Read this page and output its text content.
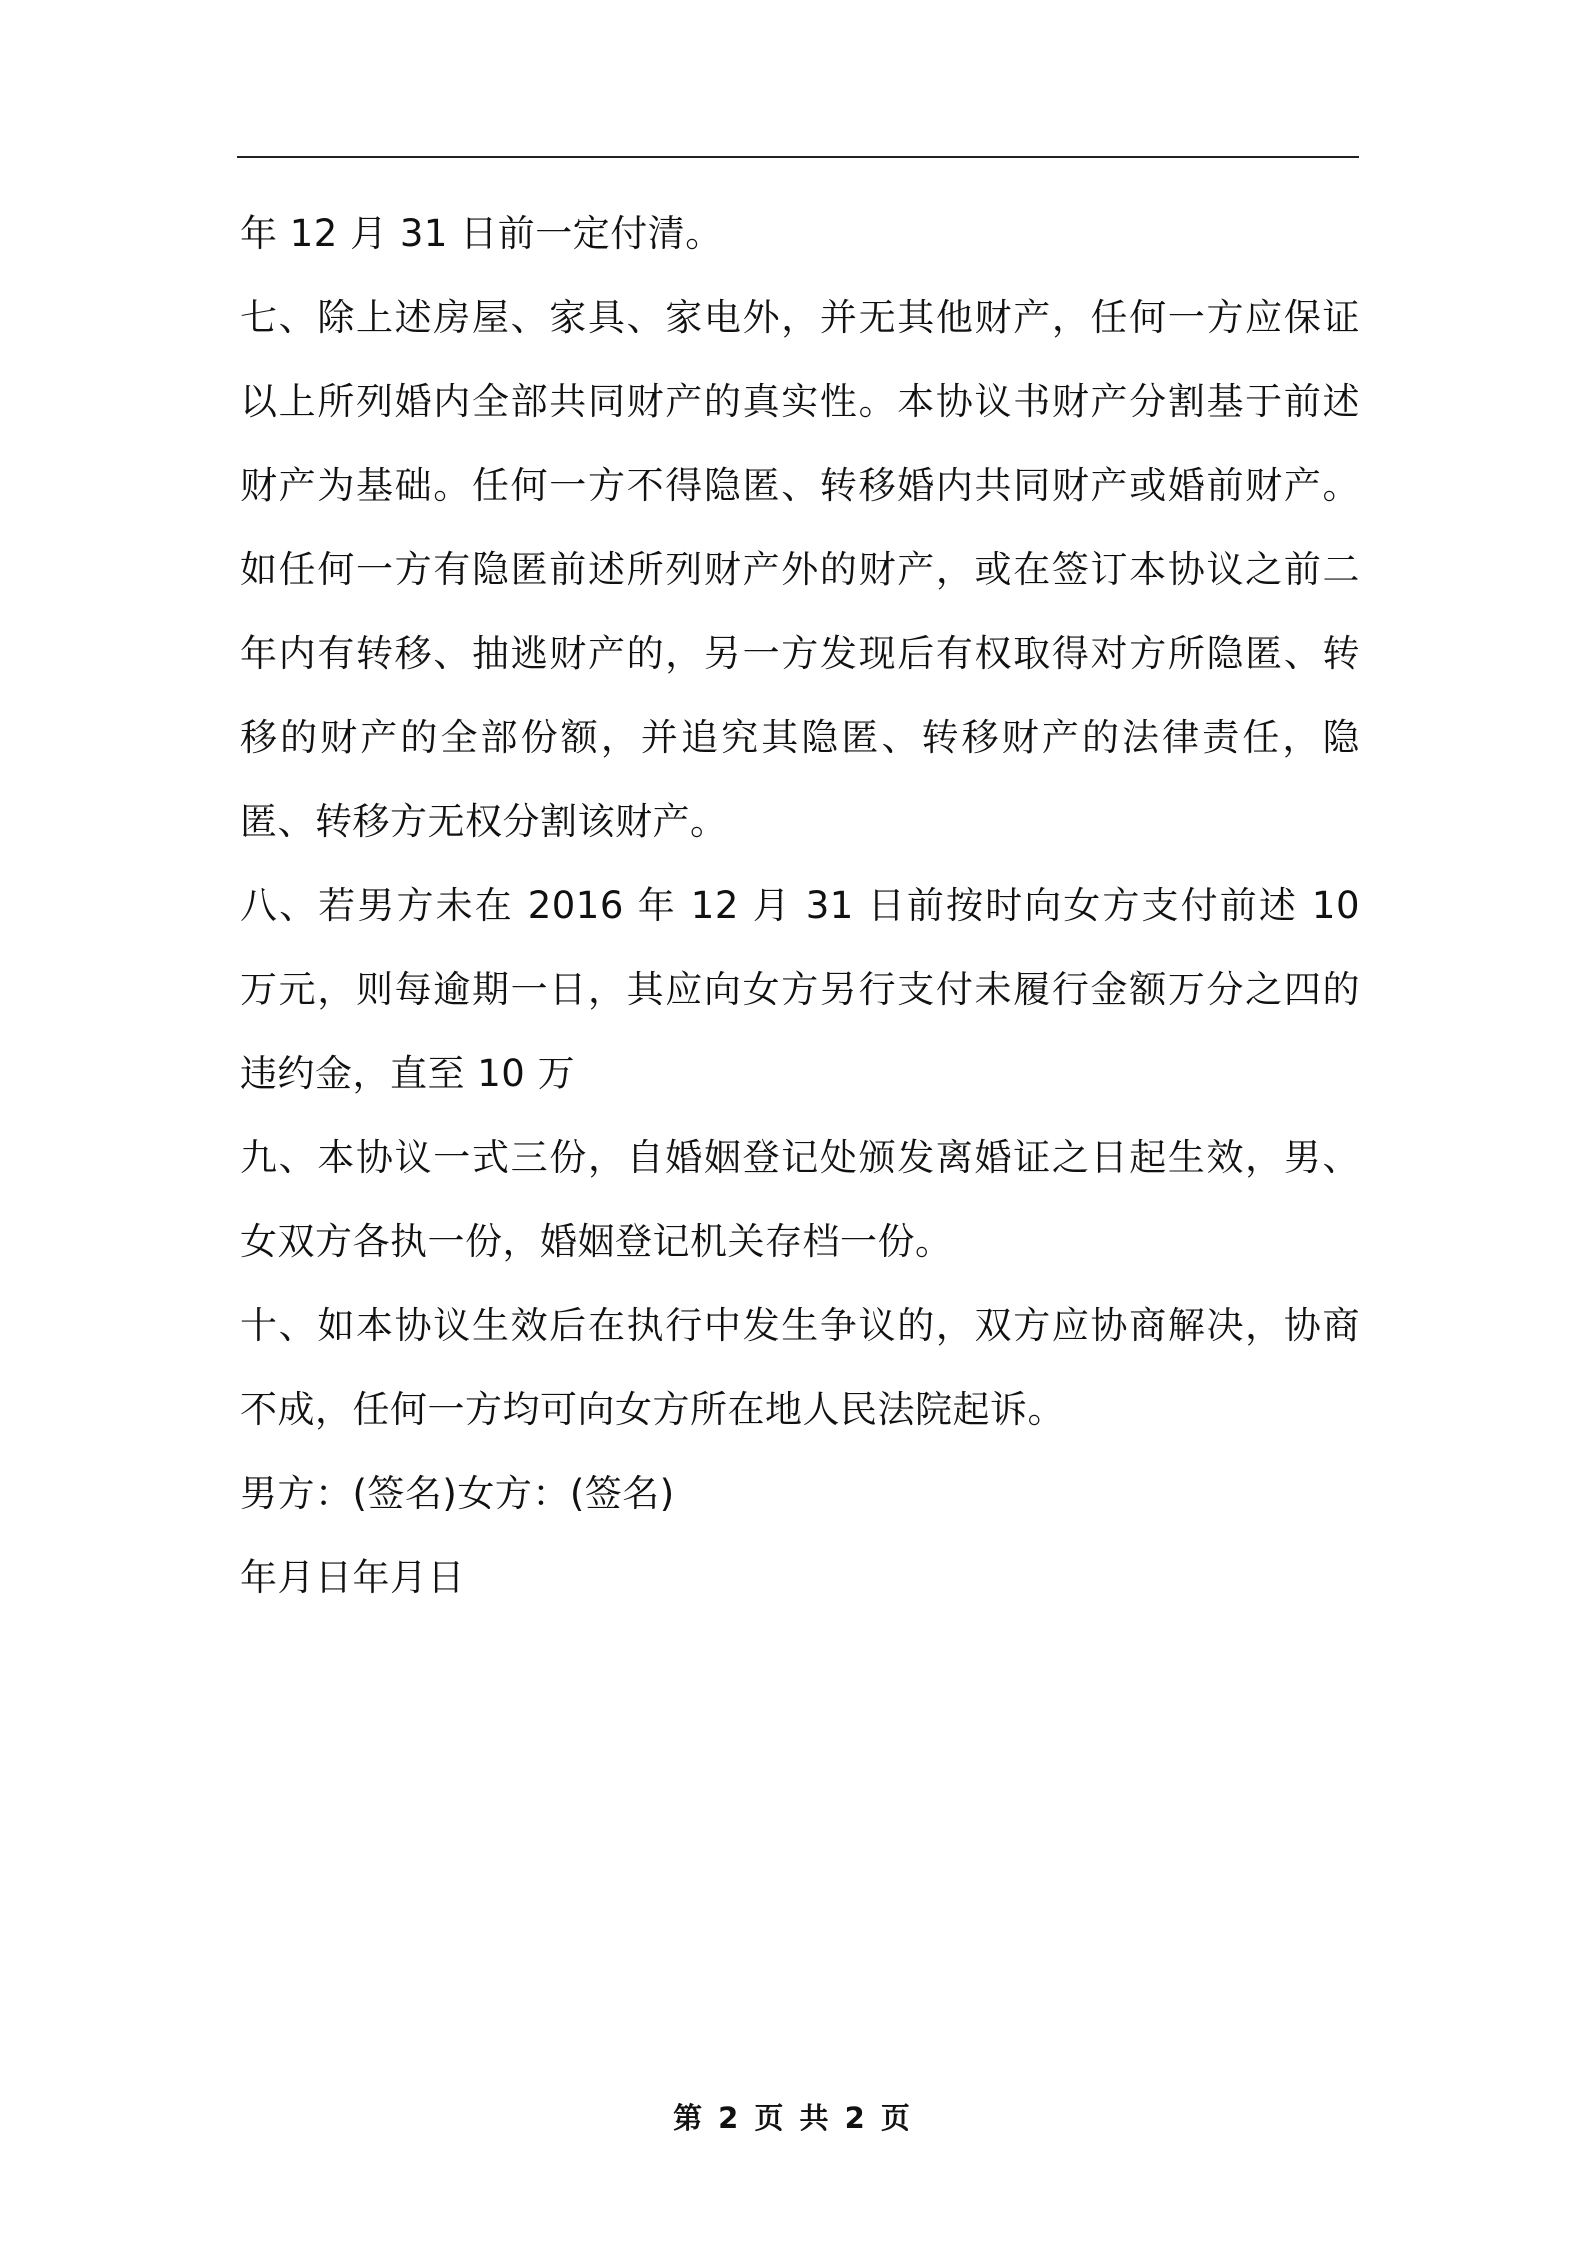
年 12 月 31 日前一定付清。

七、除上述房屋、家具、家电外，并无其他财产，任何一方应保证以上所列婚内全部共同财产的真实性。本协议书财产分割基于前述财产为基础。任何一方不得隐匿、转移婚内共同财产或婚前财产。如任何一方有隐匿前述所列财产外的财产，或在签订本协议之前二年内有转移、抽逃财产的，另一方发现后有权取得对方所隐匿、转移的财产的全部份额，并追究其隐匿、转移财产的法律责任，隐匿、转移方无权分割该财产。

八、若男方未在 2016 年 12 月 31 日前按时向女方支付前述 10 万元，则每逾期一日，其应向女方另行支付未履行金额万分之四的违约金，直至 10 万

九、本协议一式三份，自婚姻登记处颁发离婚证之日起生效，男、女双方各执一份，婚姻登记机关存档一份。

十、如本协议生效后在执行中发生争议的，双方应协商解决，协商不成，任何一方均可向女方所在地人民法院起诉。

男方：(签名)女方：(签名)

年月日年月日

第 2 页 共 2 页
